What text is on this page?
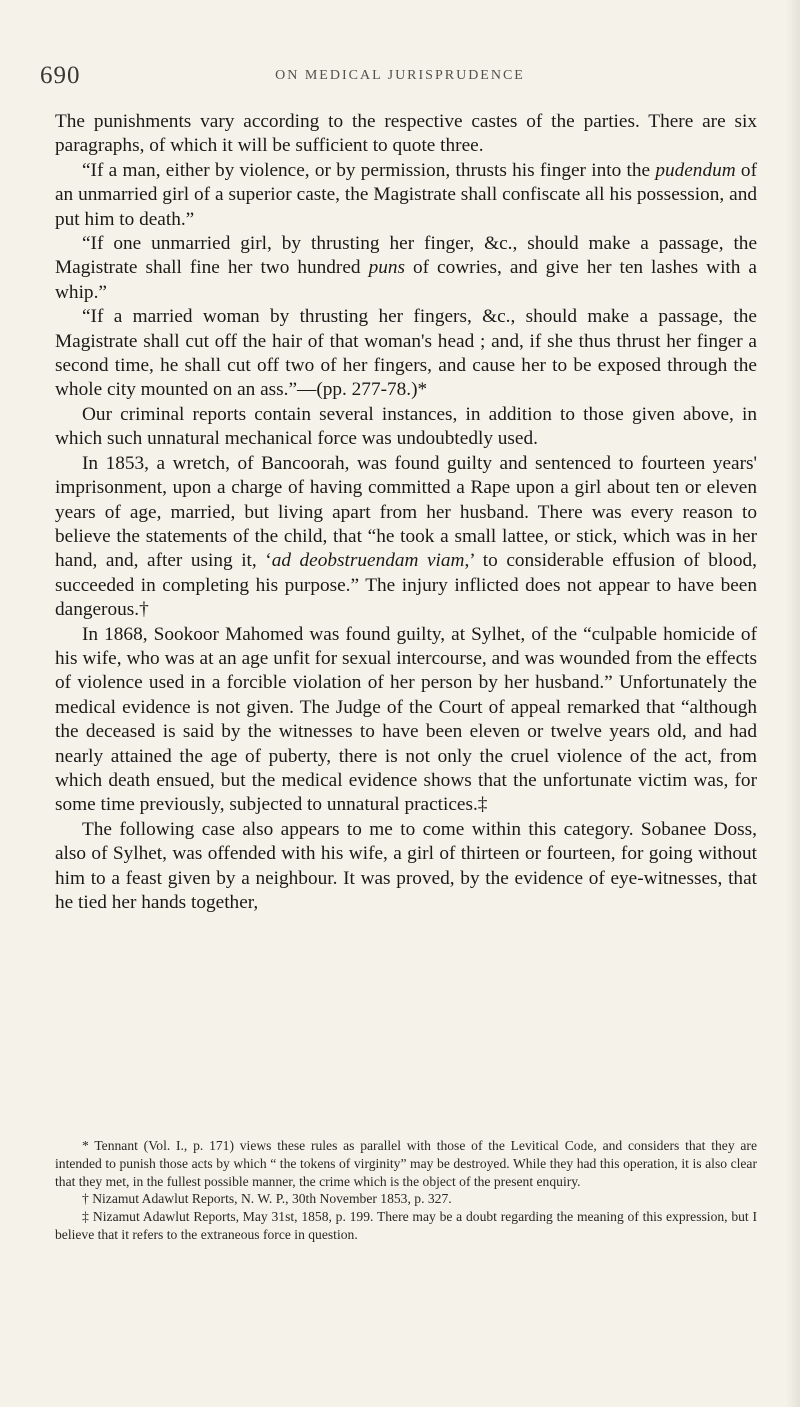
690	ON MEDICAL JURISPRUDENCE

The punishments vary according to the respective castes of the parties. There are six paragraphs, of which it will be sufficient to quote three.

“If a man, either by violence, or by permission, thrusts his finger into the pudendum of an unmarried girl of a superior caste, the Magistrate shall confiscate all his possession, and put him to death.”

“If one unmarried girl, by thrusting her finger, &c., should make a passage, the Magistrate shall fine her two hundred puns of cowries, and give her ten lashes with a whip.”

“If a married woman by thrusting her fingers, &c., should make a passage, the Magistrate shall cut off the hair of that woman's head ; and, if she thus thrust her finger a second time, he shall cut off two of her fingers, and cause her to be exposed through the whole city mounted on an ass.”—(pp. 277-78.)*

Our criminal reports contain several instances, in addition to those given above, in which such unnatural mechanical force was undoubtedly used.

In 1853, a wretch, of Bancoorah, was found guilty and sentenced to fourteen years' imprisonment, upon a charge of having committed a Rape upon a girl about ten or eleven years of age, married, but living apart from her husband. There was every reason to believe the statements of the child, that “he took a small lattee, or stick, which was in her hand, and, after using it, ‘ad deobstruendam viam,’ to considerable effusion of blood, succeeded in completing his purpose.” The injury inflicted does not appear to have been dangerous.†

In 1868, Sookoor Mahomed was found guilty, at Sylhet, of the “culpable homicide of his wife, who was at an age unfit for sexual intercourse, and was wounded from the effects of violence used in a forcible violation of her person by her husband.” Unfortunately the medical evidence is not given. The Judge of the Court of appeal remarked that “although the deceased is said by the witnesses to have been eleven or twelve years old, and had nearly attained the age of puberty, there is not only the cruel violence of the act, from which death ensued, but the medical evidence shows that the unfortunate victim was, for some time previously, subjected to unnatural practices.‡

The following case also appears to me to come within this category. Sobanee Doss, also of Sylhet, was offended with his wife, a girl of thirteen or fourteen, for going without him to a feast given by a neighbour. It was proved, by the evidence of eye-witnesses, that he tied her hands together,

* Tennant (Vol. I., p. 171) views these rules as parallel with those of the Levitical Code, and considers that they are intended to punish those acts by which “ the tokens of virginity” may be destroyed. While they had this operation, it is also clear that they met, in the fullest possible manner, the crime which is the object of the present enquiry.

† Nizamut Adawlut Reports, N. W. P., 30th November 1853, p. 327.

‡ Nizamut Adawlut Reports, May 31st, 1858, p. 199. There may be a doubt regarding the meaning of this expression, but I believe that it refers to the extraneous force in question.
